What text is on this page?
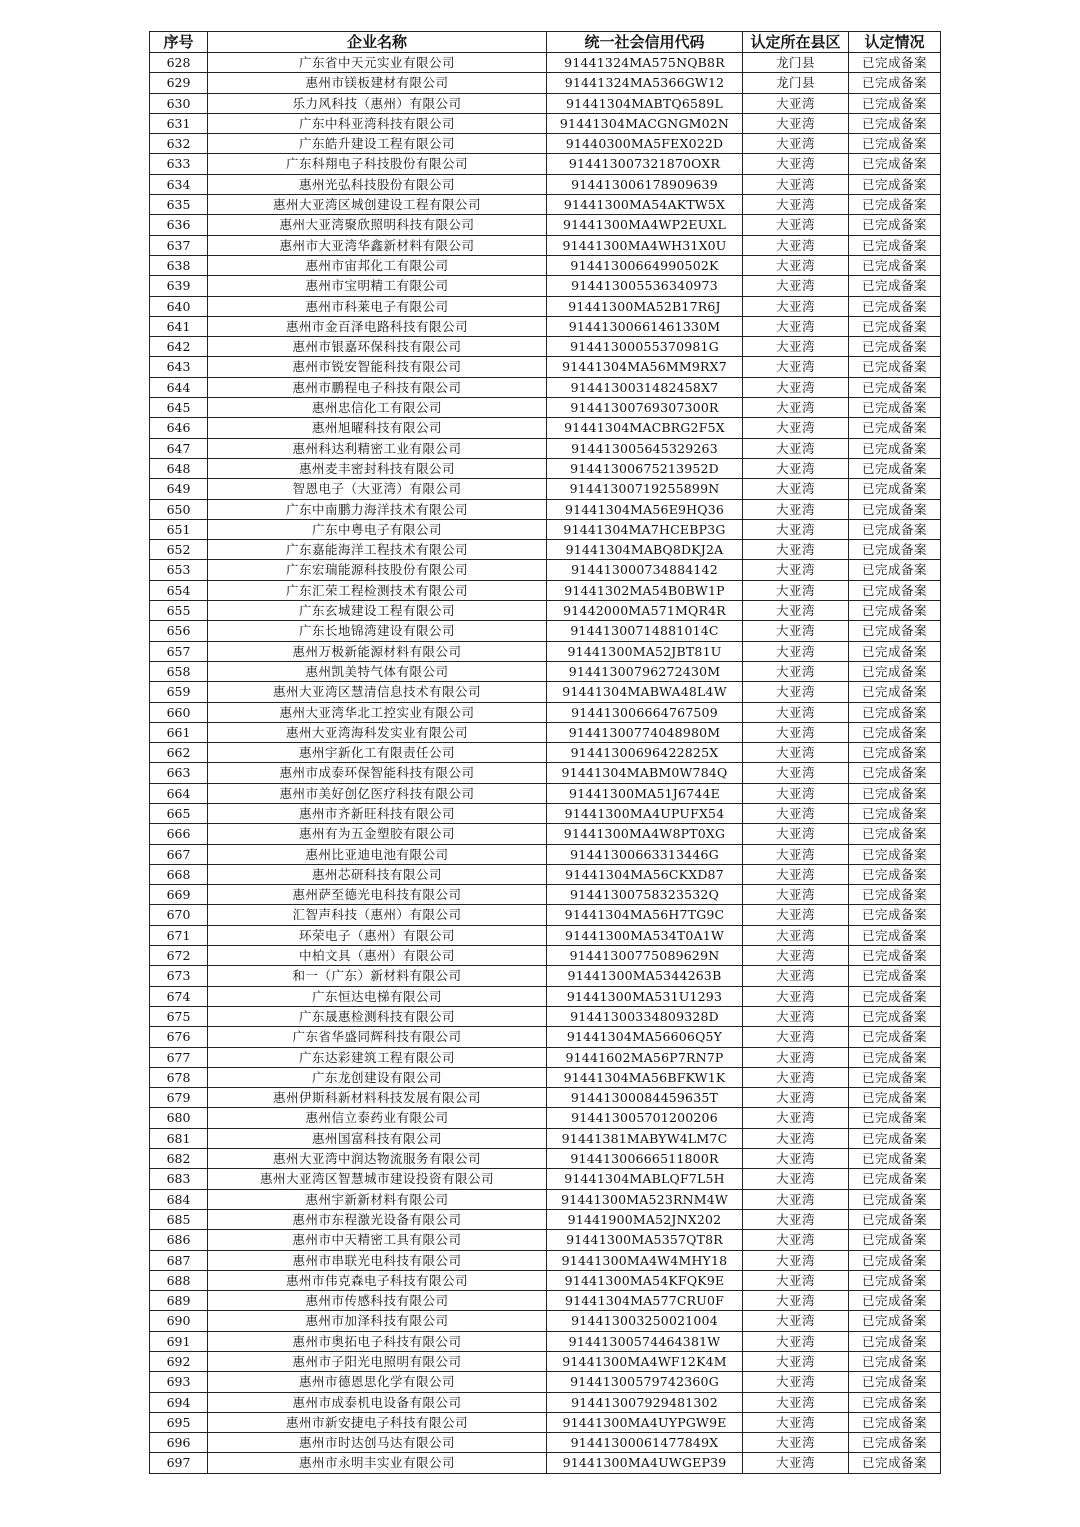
序号	企业名称	统一社会信用代码	认定所在县区	认定情况
628	广东省中天元实业有限公司	91441324MA575NQB8R	龙门县	已完成备案
629	惠州市镁板建材有限公司	91441324MA5366GW12	龙门县	已完成备案
630	乐力风科技（惠州）有限公司	91441304MABTQ6589L	大亚湾	已完成备案
631	广东中科亚湾科技有限公司	91441304MACGNGM02N	大亚湾	已完成备案
632	广东皓升建设工程有限公司	91440300MA5FEX022D	大亚湾	已完成备案
633	广东科翔电子科技股份有限公司	914413007321870OXR	大亚湾	已完成备案
634	惠州光弘科技股份有限公司	914413006178909639	大亚湾	已完成备案
635	惠州大亚湾区城创建设工程有限公司	91441300MA54AKTW5X	大亚湾	已完成备案
636	惠州大亚湾聚欣照明科技有限公司	91441300MA4WP2EUXL	大亚湾	已完成备案
637	惠州市大亚湾华鑫新材料有限公司	91441300MA4WH31X0U	大亚湾	已完成备案
638	惠州市宙邦化工有限公司	91441300664990502K	大亚湾	已完成备案
639	惠州市宝明精工有限公司	914413005536340973	大亚湾	已完成备案
640	惠州市科莱电子有限公司	91441300MA52B17R6J	大亚湾	已完成备案
641	惠州市金百泽电路科技有限公司	91441300661461330M	大亚湾	已完成备案
642	惠州市银嘉环保科技有限公司	91441300055370981G	大亚湾	已完成备案
643	惠州市锐安智能科技有限公司	91441304MA56MM9RX7	大亚湾	已完成备案
644	惠州市鹏程电子科技有限公司	9144130031482458X7	大亚湾	已完成备案
645	惠州忠信化工有限公司	91441300769307300R	大亚湾	已完成备案
646	惠州旭曜科技有限公司	91441304MACBRG2F5X	大亚湾	已完成备案
647	惠州科达利精密工业有限公司	914413005645329263	大亚湾	已完成备案
648	惠州麦丰密封科技有限公司	91441300675213952D	大亚湾	已完成备案
649	智恩电子（大亚湾）有限公司	91441300719255899N	大亚湾	已完成备案
650	广东中南鹏力海洋技术有限公司	91441304MA56E9HQ36	大亚湾	已完成备案
651	广东中粤电子有限公司	91441304MA7HCEBP3G	大亚湾	已完成备案
652	广东嘉能海洋工程技术有限公司	91441304MABQ8DKJ2A	大亚湾	已完成备案
653	广东宏瑞能源科技股份有限公司	914413000734884142	大亚湾	已完成备案
654	广东汇荣工程检测技术有限公司	91441302MA54B0BW1P	大亚湾	已完成备案
655	广东玄城建设工程有限公司	91442000MA571MQR4R	大亚湾	已完成备案
656	广东长地锦湾建设有限公司	91441300714881014C	大亚湾	已完成备案
657	惠州万极新能源材料有限公司	91441300MA52JBT81U	大亚湾	已完成备案
658	惠州凯美特气体有限公司	91441300796272430M	大亚湾	已完成备案
659	惠州大亚湾区慧清信息技术有限公司	91441304MABWA48L4W	大亚湾	已完成备案
660	惠州大亚湾华北工控实业有限公司	914413006664767509	大亚湾	已完成备案
661	惠州大亚湾海科发实业有限公司	91441300774048980M	大亚湾	已完成备案
662	惠州宇新化工有限责任公司	91441300696422825X	大亚湾	已完成备案
663	惠州市成泰环保智能科技有限公司	91441304MABM0W784Q	大亚湾	已完成备案
664	惠州市美好创亿医疗科技有限公司	91441300MA51J6744E	大亚湾	已完成备案
665	惠州市齐新旺科技有限公司	91441300MA4UPUFX54	大亚湾	已完成备案
666	惠州有为五金塑胶有限公司	91441300MA4W8PT0XG	大亚湾	已完成备案
667	惠州比亚迪电池有限公司	91441300663313446G	大亚湾	已完成备案
668	惠州芯研科技有限公司	91441304MA56CKXD87	大亚湾	已完成备案
669	惠州萨至德光电科技有限公司	91441300758323532Q	大亚湾	已完成备案
670	汇智声科技（惠州）有限公司	91441304MA56H7TG9C	大亚湾	已完成备案
671	环荣电子（惠州）有限公司	91441300MA534T0A1W	大亚湾	已完成备案
672	中柏文具（惠州）有限公司	91441300775089629N	大亚湾	已完成备案
673	和一（广东）新材料有限公司	91441300MA5344263B	大亚湾	已完成备案
674	广东恒达电梯有限公司	91441300MA531U1293	大亚湾	已完成备案
675	广东晟惠检测科技有限公司	91441300334809328D	大亚湾	已完成备案
676	广东省华盛同辉科技有限公司	91441304MA56606Q5Y	大亚湾	已完成备案
677	广东达彩建筑工程有限公司	91441602MA56P7RN7P	大亚湾	已完成备案
678	广东龙创建设有限公司	91441304MA56BFKW1K	大亚湾	已完成备案
679	惠州伊斯科新材料科技发展有限公司	91441300084459635T	大亚湾	已完成备案
680	惠州信立泰药业有限公司	914413005701200206	大亚湾	已完成备案
681	惠州国富科技有限公司	91441381MABYW4LM7C	大亚湾	已完成备案
682	惠州大亚湾中润达物流服务有限公司	91441300666511800R	大亚湾	已完成备案
683	惠州大亚湾区智慧城市建设投资有限公司	91441304MABLQF7L5H	大亚湾	已完成备案
684	惠州宇新新材料有限公司	91441300MA523RNM4W	大亚湾	已完成备案
685	惠州市东程激光设备有限公司	91441900MA52JNX202	大亚湾	已完成备案
686	惠州市中天精密工具有限公司	91441300MA5357QT8R	大亚湾	已完成备案
687	惠州市串联光电科技有限公司	91441300MA4W4MHY18	大亚湾	已完成备案
688	惠州市伟克森电子科技有限公司	91441300MA54KFQK9E	大亚湾	已完成备案
689	惠州市传感科技有限公司	91441304MA577CRU0F	大亚湾	已完成备案
690	惠州市加泽科技有限公司	914413003250021004	大亚湾	已完成备案
691	惠州市奥拓电子科技有限公司	91441300574464381W	大亚湾	已完成备案
692	惠州市子阳光电照明有限公司	91441300MA4WF12K4M	大亚湾	已完成备案
693	惠州市德恩思化学有限公司	91441300579742360G	大亚湾	已完成备案
694	惠州市成泰机电设备有限公司	914413007929481302	大亚湾	已完成备案
695	惠州市新安捷电子科技有限公司	91441300MA4UYPGW9E	大亚湾	已完成备案
696	惠州市时达创马达有限公司	91441300061477849X	大亚湾	已完成备案
697	惠州市永明丰实业有限公司	91441300MA4UWGEP39	大亚湾	已完成备案
